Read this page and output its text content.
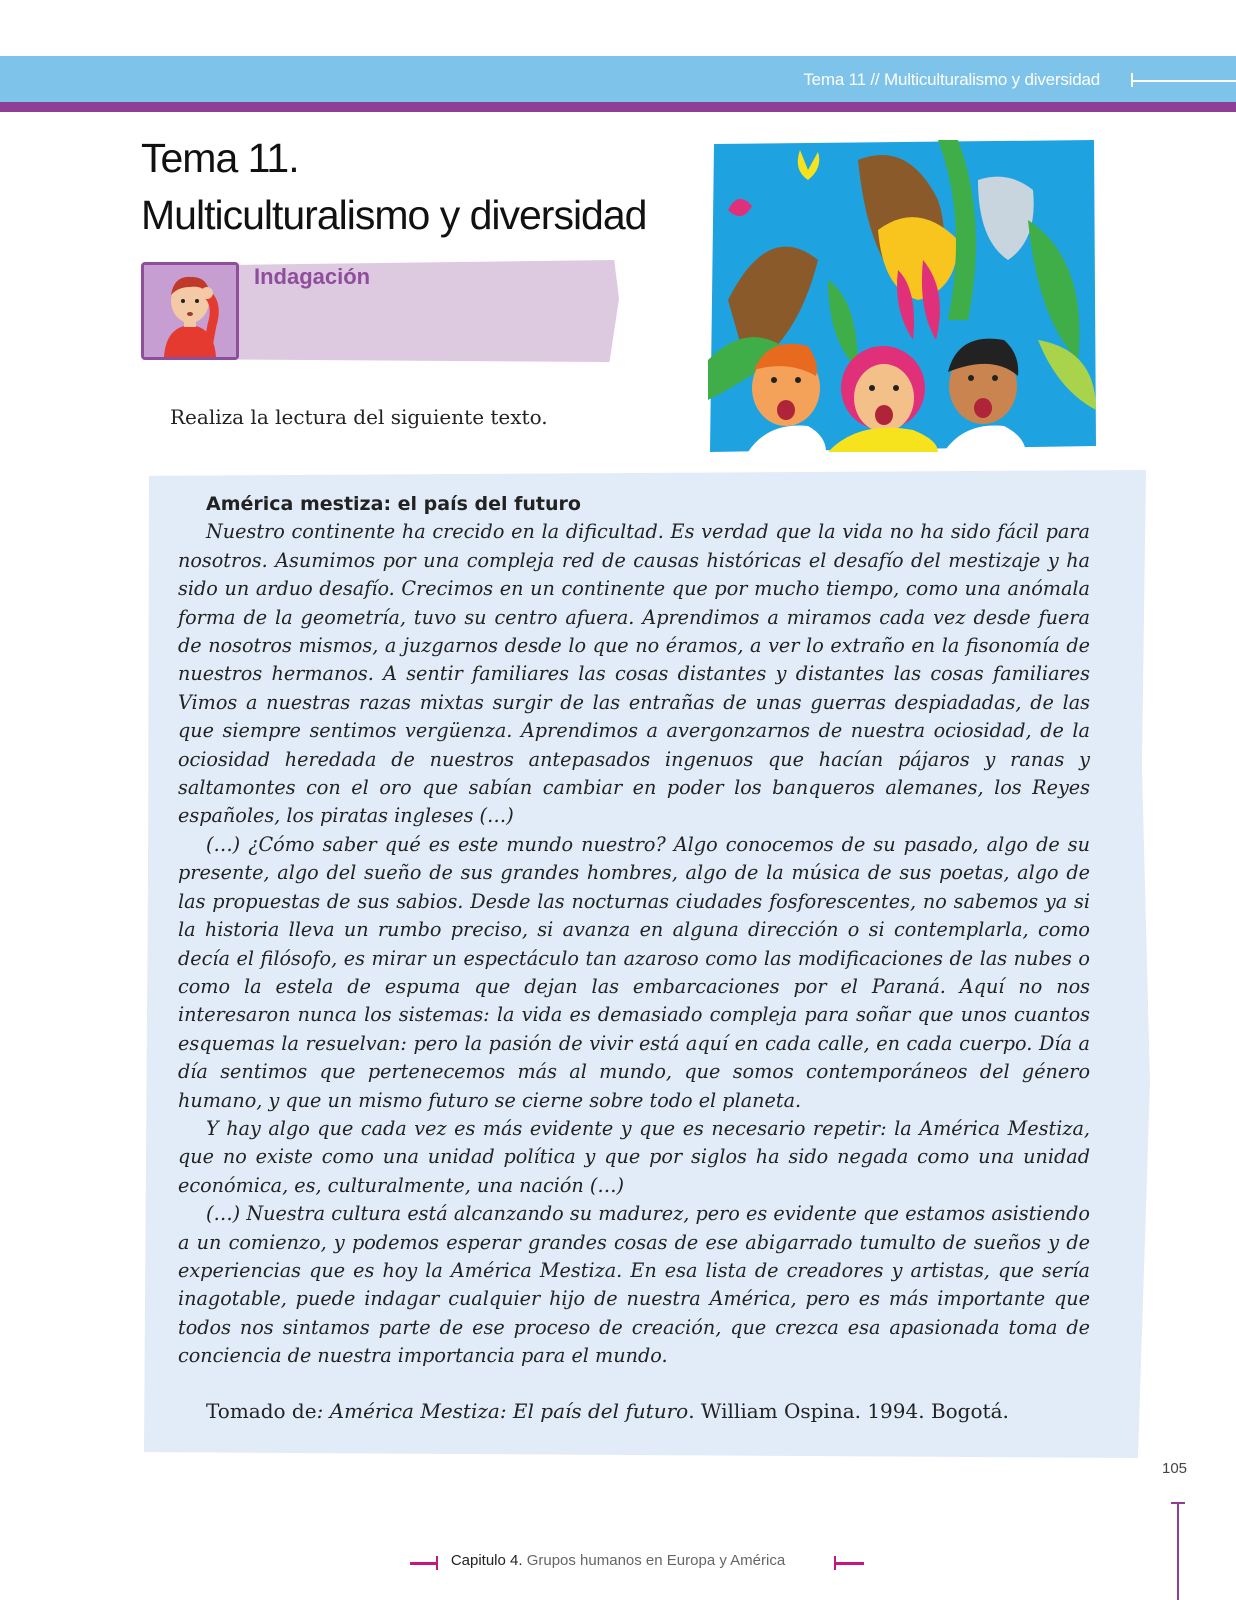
Tema 11 // Multiculturalismo y diversidad
Tema 11.
Multiculturalismo y diversidad
Indagación
Realiza la lectura del siguiente texto.

América mestiza: el país del futuro

Nuestro continente ha crecido en la dificultad. Es verdad que la vida no ha sido fácil para nosotros. Asumimos por una compleja red de causas históricas el desafío del mestizaje y ha sido un arduo desafío. Crecimos en un continente que por mucho tiempo, como una anómala forma de la geometría, tuvo su centro afuera. Aprendimos a miramos cada vez desde fuera de nosotros mismos, a juzgarnos desde lo que no éramos, a ver lo extraño en la fisonomía de nuestros hermanos. A sentir familiares las cosas distantes y distantes las cosas familiares Vimos a nuestras razas mixtas surgir de las entrañas de unas guerras despiadadas, de las que siempre sentimos vergüenza. Aprendimos a avergonzarnos de nuestra ociosidad, de la ociosidad heredada de nuestros antepasados ingenuos que hacían pájaros y ranas y saltamontes con el oro que sabían cambiar en poder los banqueros alemanes, los Reyes españoles, los piratas ingleses (…)

(…) ¿Cómo saber qué es este mundo nuestro? Algo conocemos de su pasado, algo de su presente, algo del sueño de sus grandes hombres, algo de la música de sus poetas, algo de las propuestas de sus sabios. Desde las nocturnas ciudades fosforescentes, no sabemos ya si la historia lleva un rumbo preciso, si avanza en alguna dirección o si contemplarla, como decía el filósofo, es mirar un espectáculo tan azaroso como las modificaciones de las nubes o como la estela de espuma que dejan las embarcaciones por el Paraná. Aquí no nos interesaron nunca los sistemas: la vida es demasiado compleja para soñar que unos cuantos esquemas la resuelvan: pero la pasión de vivir está aquí en cada calle, en cada cuerpo. Día a día sentimos que pertenecemos más al mundo, que somos contemporáneos del género humano, y que un mismo futuro se cierne sobre todo el planeta.

Y hay algo que cada vez es más evidente y que es necesario repetir: la América Mestiza, que no existe como una unidad política y que por siglos ha sido negada como una unidad económica, es, culturalmente, una nación (…)

(…) Nuestra cultura está alcanzando su madurez, pero es evidente que estamos asistiendo a un comienzo, y podemos esperar grandes cosas de ese abigarrado tumulto de sueños y de experiencias que es hoy la América Mestiza. En esa lista de creadores y artistas, que sería inagotable, puede indagar cualquier hijo de nuestra América, pero es más importante que todos nos sintamos parte de ese proceso de creación, que crezca esa apasionada toma de conciencia de nuestra importancia para el mundo.

Tomado de: América Mestiza: El país del futuro. William Ospina. 1994. Bogotá.

105
Capitulo 4. Grupos humanos en Europa y América
